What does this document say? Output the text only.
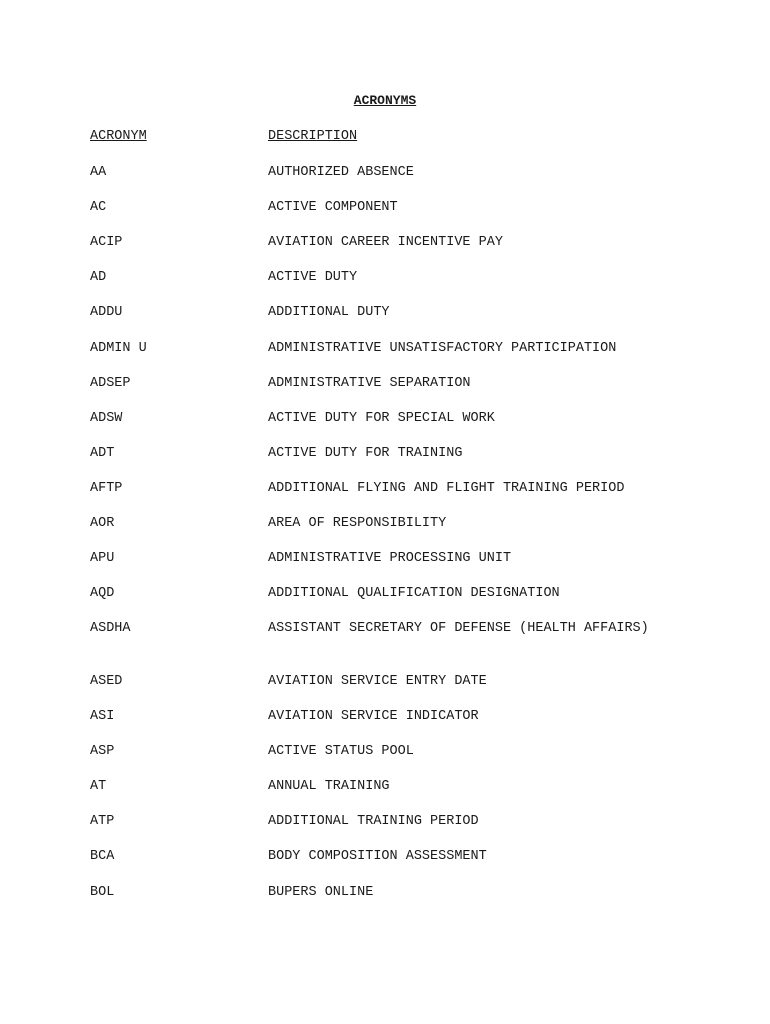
ACRONYMS
ACRONYM	DESCRIPTION
AA	AUTHORIZED ABSENCE
AC	ACTIVE COMPONENT
ACIP	AVIATION CAREER INCENTIVE PAY
AD	ACTIVE DUTY
ADDU	ADDITIONAL DUTY
ADMIN U	ADMINISTRATIVE UNSATISFACTORY PARTICIPATION
ADSEP	ADMINISTRATIVE SEPARATION
ADSW	ACTIVE DUTY FOR SPECIAL WORK
ADT	ACTIVE DUTY FOR TRAINING
AFTP	ADDITIONAL FLYING AND FLIGHT TRAINING PERIOD
AOR	AREA OF RESPONSIBILITY
APU	ADMINISTRATIVE PROCESSING UNIT
AQD	ADDITIONAL QUALIFICATION DESIGNATION
ASDHA	ASSISTANT SECRETARY OF DEFENSE (HEALTH AFFAIRS)
ASED	AVIATION SERVICE ENTRY DATE
ASI	AVIATION SERVICE INDICATOR
ASP	ACTIVE STATUS POOL
AT	ANNUAL TRAINING
ATP	ADDITIONAL TRAINING PERIOD
BCA	BODY COMPOSITION ASSESSMENT
BOL	BUPERS ONLINE
